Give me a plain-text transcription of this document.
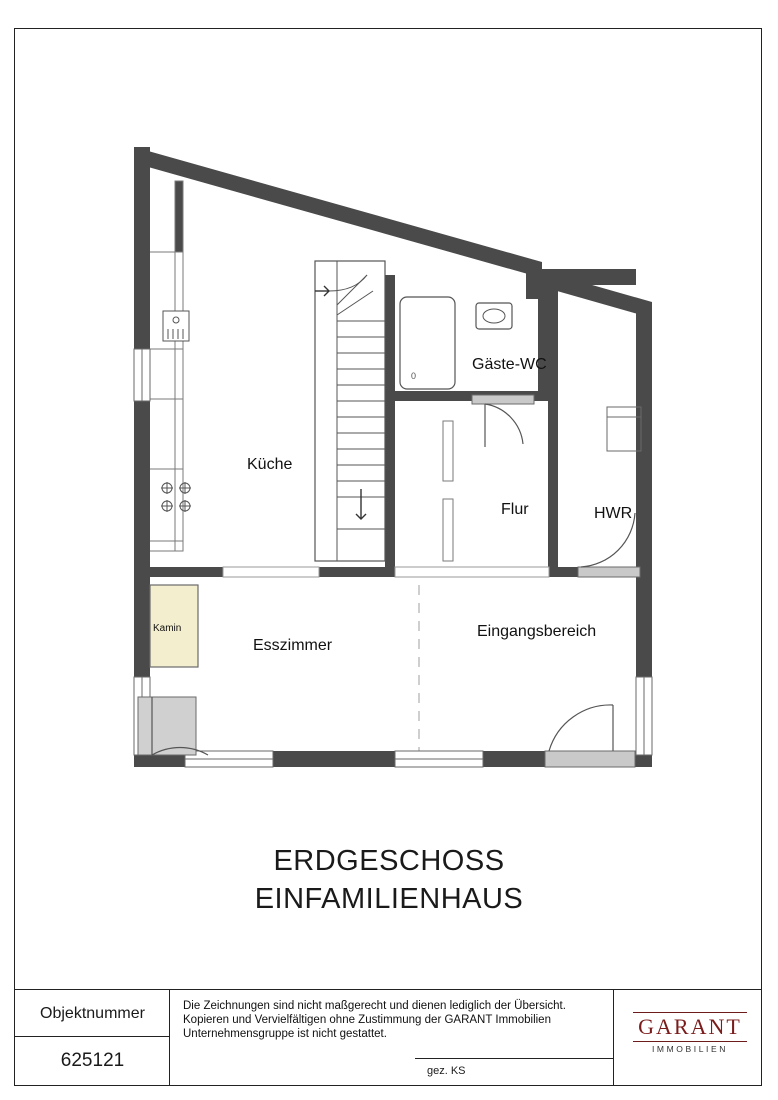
0
Küche
Gäste-WC
Flur	HWR
Esszimmer
Eingangsbereich
Kamin
ERDGESCHOSS
EINFAMILIENHAUS
Objektnummer
625121
Die Zeichnungen sind nicht maßgerecht und dienen lediglich der Übersicht.
Kopieren und Vervielfältigen ohne Zustimmung der GARANT Immobilien
Unternehmensgruppe ist nicht gestattet.
gez. KS
GARANT
IMMOBILIEN
